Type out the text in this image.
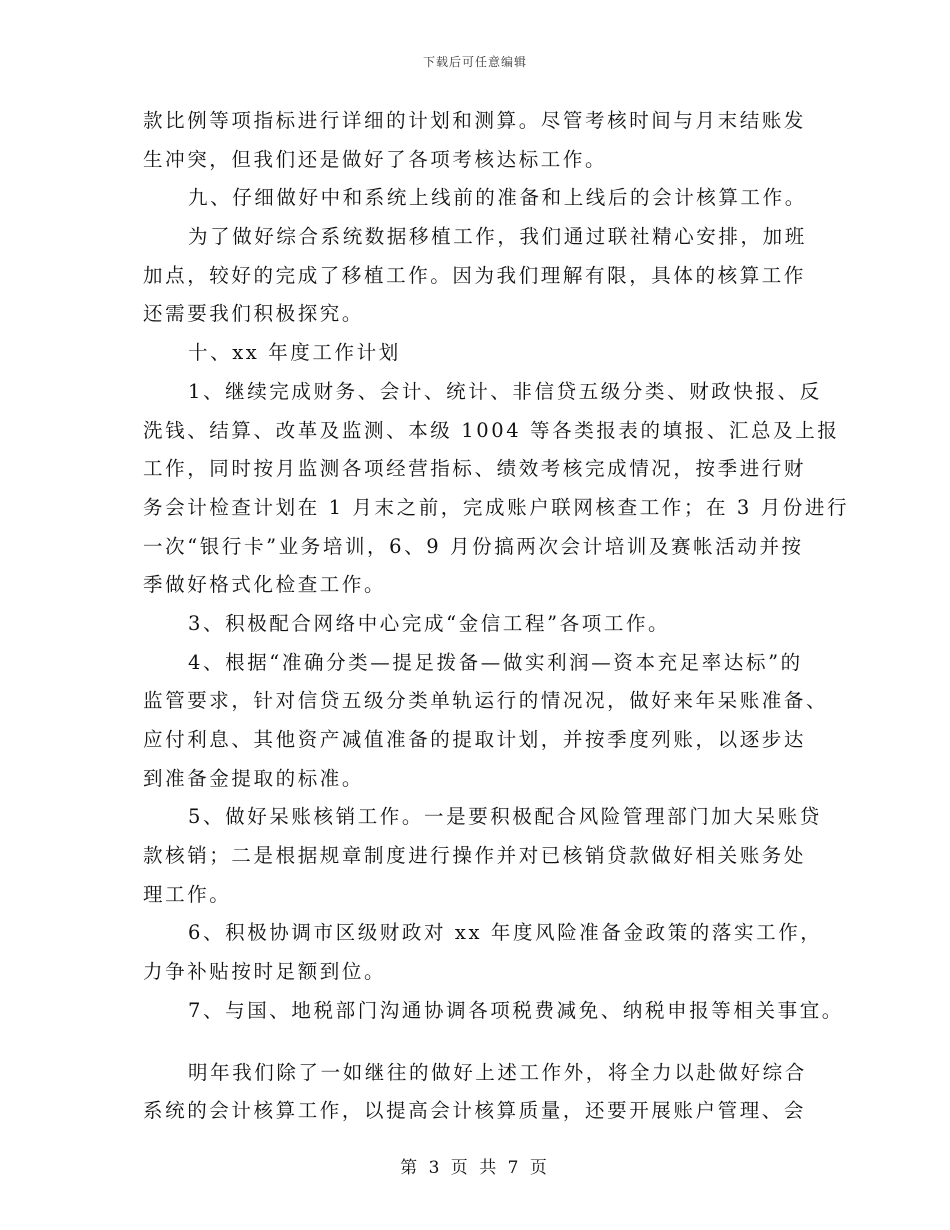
下载后可任意编辑
款比例等项指标进行详细的计划和测算。尽管考核时间与月末结账发
生冲突，但我们还是做好了各项考核达标工作。
九、仔细做好中和系统上线前的准备和上线后的会计核算工作。
为了做好综合系统数据移植工作，我们通过联社精心安排，加班
加点，较好的完成了移植工作。因为我们理解有限，具体的核算工作
还需要我们积极探究。
十、xx 年度工作计划
1、继续完成财务、会计、统计、非信贷五级分类、财政快报、反
洗钱、结算、改革及监测、本级 1004 等各类报表的填报、汇总及上报
工作，同时按月监测各项经营指标、绩效考核完成情况，按季进行财
务会计检查计划在 1 月末之前，完成账户联网核查工作；在 3 月份进行
一次“银行卡”业务培训，6、9 月份搞两次会计培训及赛帐活动并按
季做好格式化检查工作。
3、积极配合网络中心完成“金信工程”各项工作。
4、根据“准确分类—提足拨备—做实利润—资本充足率达标”的
监管要求，针对信贷五级分类单轨运行的情况况，做好来年呆账准备、
应付利息、其他资产减值准备的提取计划，并按季度列账，以逐步达
到准备金提取的标准。
5、做好呆账核销工作。一是要积极配合风险管理部门加大呆账贷
款核销；二是根据规章制度进行操作并对已核销贷款做好相关账务处
理工作。
6、积极协调市区级财政对 xx 年度风险准备金政策的落实工作，
力争补贴按时足额到位。
7、与国、地税部门沟通协调各项税费减免、纳税申报等相关事宜。
明年我们除了一如继往的做好上述工作外，将全力以赴做好综合
系统的会计核算工作，以提高会计核算质量，还要开展账户管理、会
第 3 页 共 7 页
